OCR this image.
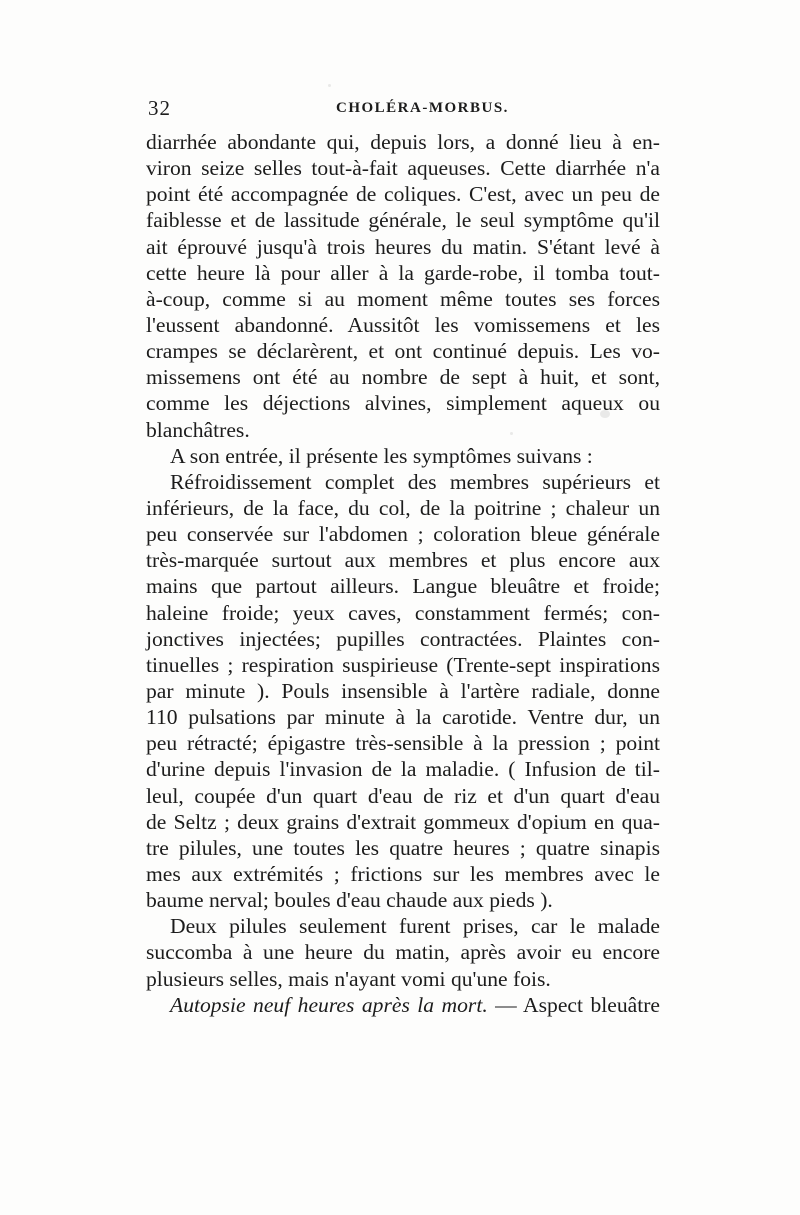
32	CHOLÉRA-MORBUS.
diarrhée abondante qui, depuis lors, a donné lieu à en-
viron seize selles tout-à-fait aqueuses. Cette diarrhée n'a
point été accompagnée de coliques. C'est, avec un peu de
faiblesse et de lassitude générale, le seul symptôme qu'il
ait éprouvé jusqu'à trois heures du matin. S'étant levé à
cette heure là pour aller à la garde-robe, il tomba tout-
à-coup, comme si au moment même toutes ses forces
l'eussent abandonné. Aussitôt les vomissemens et les
crampes se déclarèrent, et ont continué depuis. Les vo-
missemens ont été au nombre de sept à huit, et sont,
comme les déjections alvines, simplement aqueux ou
blanchâtres.
A son entrée, il présente les symptômes suivans :
Réfroidissement complet des membres supérieurs et
inférieurs, de la face, du col, de la poitrine ; chaleur un
peu conservée sur l'abdomen ; coloration bleue générale
très-marquée surtout aux membres et plus encore aux
mains que partout ailleurs. Langue bleuâtre et froide;
haleine froide; yeux caves, constamment fermés; con-
jonctives injectées; pupilles contractées. Plaintes con-
tinuelles ; respiration suspirieuse (Trente-sept inspirations
par minute ). Pouls insensible à l'artère radiale, donne
110 pulsations par minute à la carotide. Ventre dur, un
peu rétracté; épigastre très-sensible à la pression ; point
d'urine depuis l'invasion de la maladie. ( Infusion de til-
leul, coupée d'un quart d'eau de riz et d'un quart d'eau
de Seltz ; deux grains d'extrait gommeux d'opium en qua-
tre pilules, une toutes les quatre heures ; quatre sinapis
mes aux extrémités ; frictions sur les membres avec le
baume nerval; boules d'eau chaude aux pieds ).
Deux pilules seulement furent prises, car le malade
succomba à une heure du matin, après avoir eu encore
plusieurs selles, mais n'ayant vomi qu'une fois.
Autopsie neuf heures après la mort. — Aspect bleuâtre
